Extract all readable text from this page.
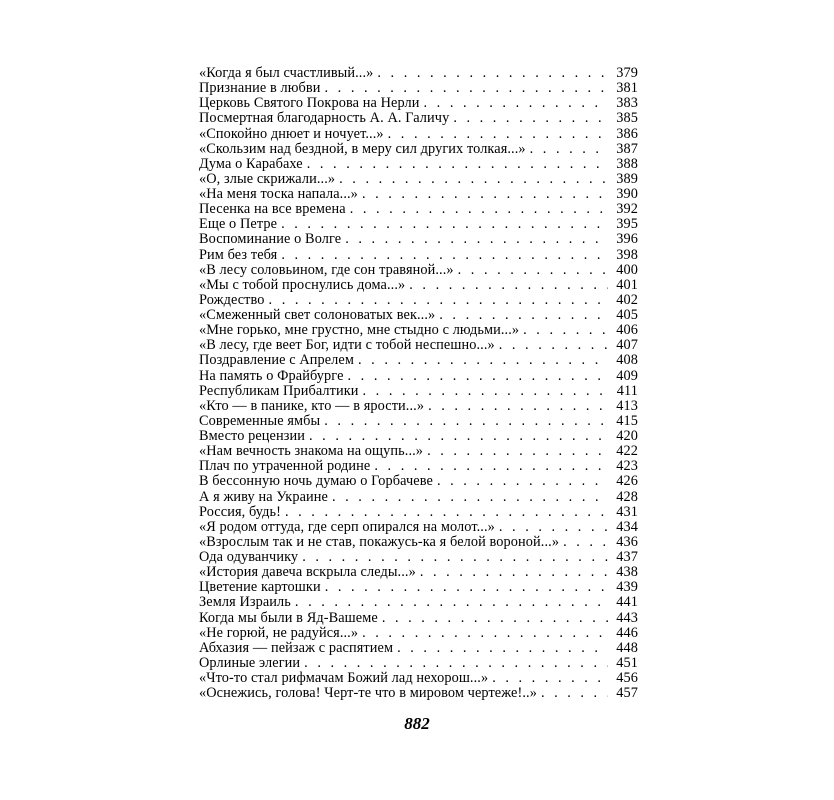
«Когда я был счастливый...» . . .	379
Признание в любви . . .	381
Церковь Святого Покрова на Нерли . . .	383
Посмертная благодарность А. А. Галичу . . .	385
«Спокойно днюет и ночует...» . . .	386
«Скользим над бездной, в меру сил других толкая...» . . .	387
Дума о Карабахе . . .	388
«О, злые скрижали...» . . .	389
«На меня тоска напала...» . . .	390
Песенка на все времена . . .	392
Еще о Петре . . .	395
Воспоминание о Волге . . .	396
Рим без тебя . . .	398
«В лесу соловьином, где сон травяной...» . . .	400
«Мы с тобой проснулись дома...» . . .	401
Рождество . . .	402
«Смеженный свет солоноватых век...» . . .	405
«Мне горько, мне грустно, мне стыдно с людьми...» . . .	406
«В лесу, где веет Бог, идти с тобой неспешно...» . . .	407
Поздравление с Апрелем . . .	408
На память о Фрайбурге . . .	409
Республикам Прибалтики . . .	411
«Кто — в панике, кто — в ярости...» . . .	413
Современные ямбы . . .	415
Вместо рецензии . . .	420
«Нам вечность знакома на ощупь...» . . .	422
Плач по утраченной родине . . .	423
В бессонную ночь думаю о Горбачеве . . .	426
А я живу на Украине . . .	428
Россия, будь! . . .	431
«Я родом оттуда, где серп опирался на молот...» . . .	434
«Взрослым так и не став, покажусь-ка я белой вороной...» . . .	436
Ода одуванчику . . .	437
«История давеча вскрыла следы...» . . .	438
Цветение картошки . . .	439
Земля Израиль . . .	441
Когда мы были в Яд-Вашеме . . .	443
«Не горюй, не радуйся...» . . .	446
Абхазия — пейзаж с распятием . . .	448
Орлиные элегии . . .	451
«Что-то стал рифмачам Божий лад нехорош...» . . .	456
«Оснежись, голова! Черт-те что в мировом чертеже!..» . . .	457
882
